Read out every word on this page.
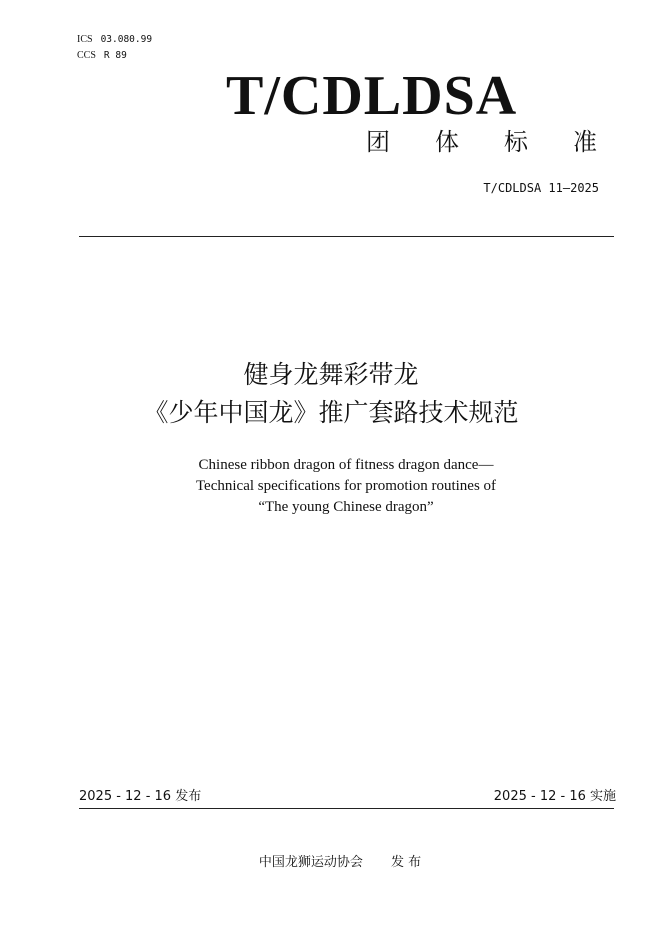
ICS 03.080.99
CCS R 89
T/CDLDSA
团体标准
T/CDLDSA 11—2025
健身龙舞彩带龙
《少年中国龙》推广套路技术规范
Chinese ribbon dragon of fitness dragon dance—
Technical specifications for promotion routines of
“The young Chinese dragon”
2025 - 12 - 16 发布	2025 - 12 - 16 实施
中国龙狮运动协会 发 布
